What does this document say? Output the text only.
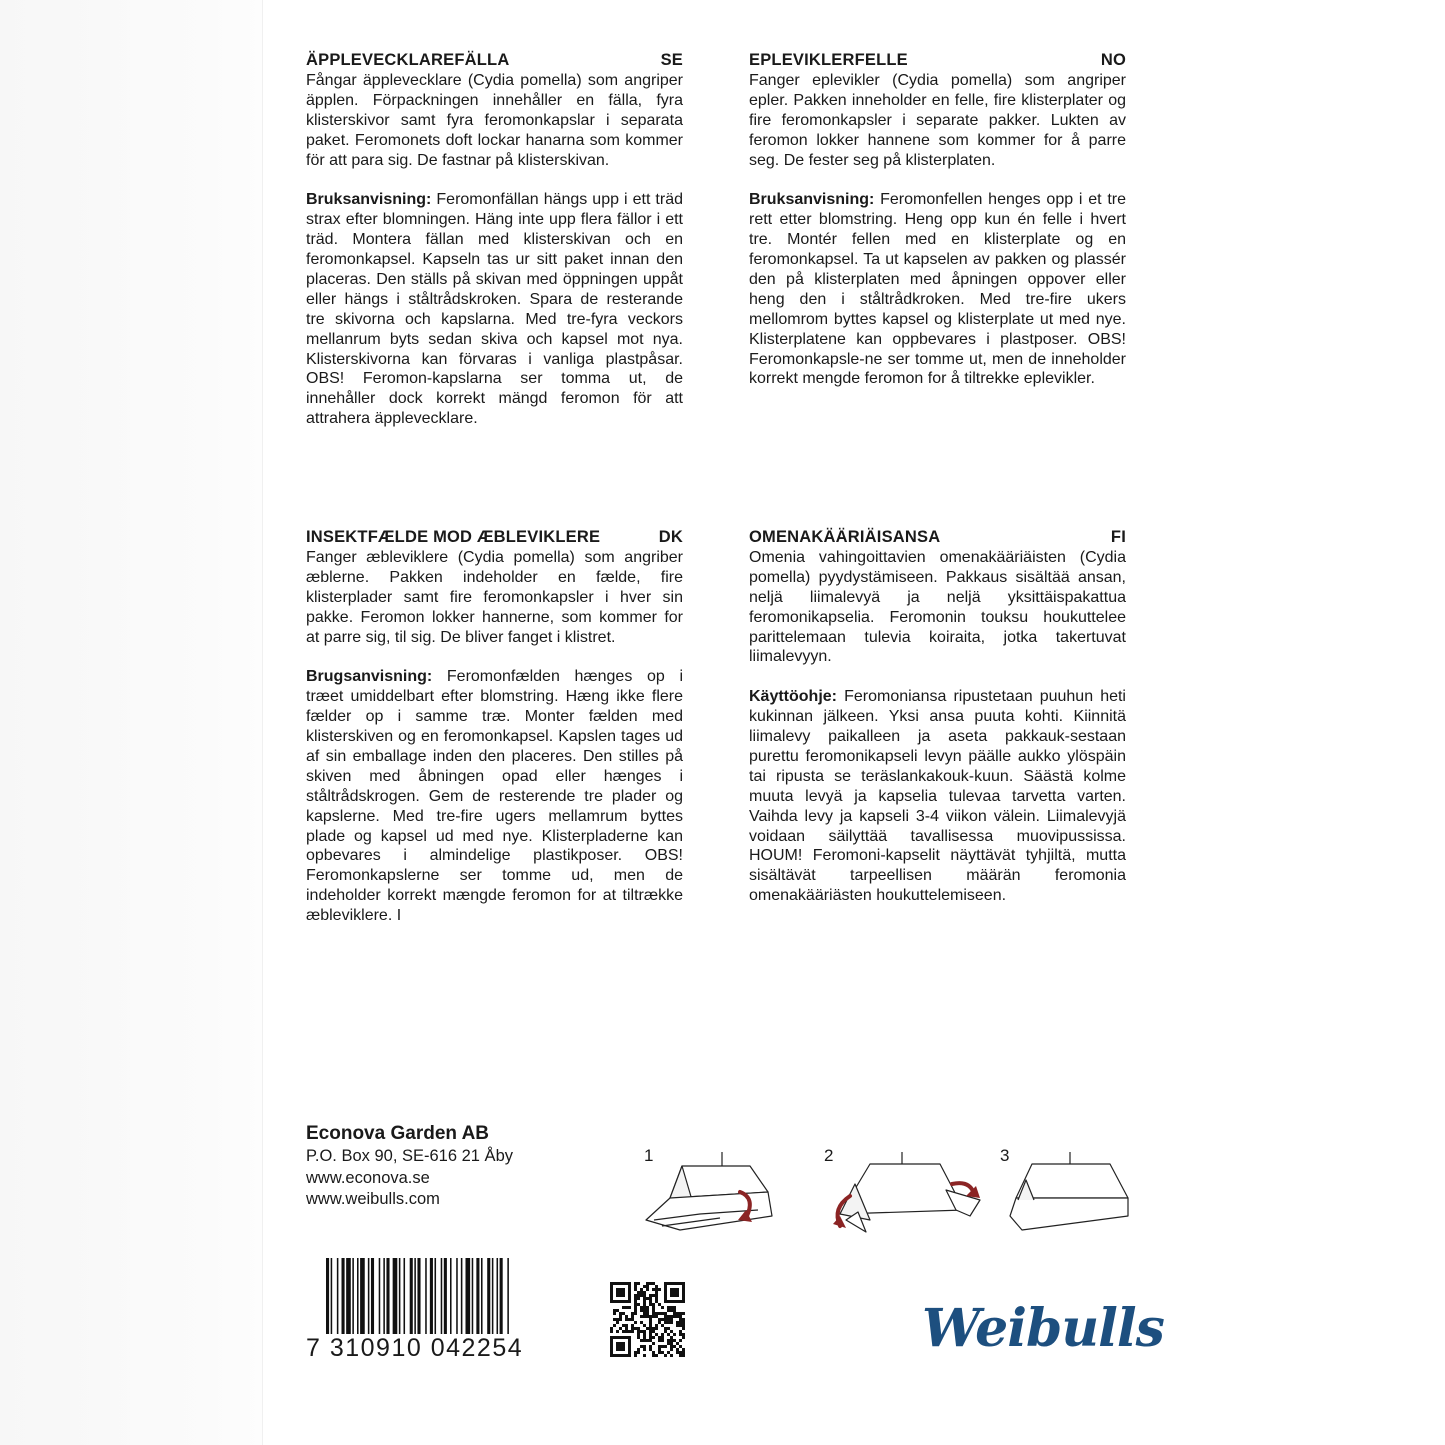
ÄPPLEVECKLAREFÄLLA	SE

Fångar äpplevecklare (Cydia pomella) som angriper äpplen. Förpackningen innehåller en fälla, fyra klisterskivor samt fyra feromonkapslar i separata paket. Feromonets doft lockar hanarna som kommer för att para sig. De fastnar på klisterskivan.

Bruksanvisning: Feromonfällan hängs upp i ett träd strax efter blomningen. Häng inte upp flera fällor i ett träd. Montera fällan med klisterskivan och en feromonkapsel. Kapseln tas ur sitt paket innan den placeras. Den ställs på skivan med öppningen uppåt eller hängs i ståltrådskroken. Spara de resterande tre skivorna och kapslarna. Med tre-fyra veckors mellanrum byts sedan skiva och kapsel mot nya. Klisterskivorna kan förvaras i vanliga plastpåsar. OBS! Feromon-kapslarna ser tomma ut, de innehåller dock korrekt mängd feromon för att attrahera äpplevecklare.

EPLEVIKLERFELLE	NO

Fanger eplevikler (Cydia pomella) som angriper epler. Pakken inneholder en felle, fire klisterplater og fire feromonkapsler i separate pakker. Lukten av feromon lokker hannene som kommer for å parre seg. De fester seg på klisterplaten.

Bruksanvisning: Feromonfellen henges opp i et tre rett etter blomstring. Heng opp kun én felle i hvert tre. Montér fellen med en klisterplate og en feromonkapsel. Ta ut kapselen av pakken og plassér den på klisterplaten med åpningen oppover eller heng den i ståltrådkroken. Med tre-fire ukers mellomrom byttes kapsel og klisterplate ut med nye. Klisterplatene kan oppbevares i plastposer. OBS! Feromonkapsle-ne ser tomme ut, men de inneholder korrekt mengde feromon for å tiltrekke eplevikler.

INSEKTFÆLDE MOD ÆBLEVIKLERE	DK

Fanger æbleviklere (Cydia pomella) som angriber æblerne. Pakken indeholder en fælde, fire klisterplader samt fire feromonkapsler i hver sin pakke. Feromon lokker hannerne, som kommer for at parre sig, til sig. De bliver fanget i klistret.

Brugsanvisning: Feromonfælden hænges op i træet umiddelbart efter blomstring. Hæng ikke flere fælder op i samme træ. Monter fælden med klisterskiven og en feromonkapsel. Kapslen tages ud af sin emballage inden den placeres. Den stilles på skiven med åbningen opad eller hænges i ståltrådskrogen. Gem de resterende tre plader og kapslerne. Med tre-fire ugers mellamrum byttes plade og kapsel ud med nye. Klisterpladerne kan opbevares i almindelige plastikposer. OBS! Feromonkapslerne ser tomme ud, men de indeholder korrekt mængde feromon for at tiltrække æbleviklere. I

OMENAKÄÄRIÄISANSA	FI

Omenia vahingoittavien omenakääriäisten (Cydia pomella) pyydystämiseen. Pakkaus sisältää ansan, neljä liimalevyä ja neljä yksittäispakattua feromonikapselia. Feromonin touksu houkuttelee parittelemaan tulevia koiraita, jotka takertuvat liimalevyyn.

Käyttöohje: Feromoniansa ripustetaan puuhun heti kukinnan jälkeen. Yksi ansa puuta kohti. Kiinnitä liimalevy paikalleen ja aseta pakkauk-sestaan purettu feromonikapseli levyn päälle aukko ylöspäin tai ripusta se teräslankakouk-kuun. Säästä kolme muuta levyä ja kapselia tulevaa tarvetta varten. Vaihda levy ja kapseli 3-4 viikon välein. Liimalevyjä voidaan säilyttää tavallisessa muovipussissa. HOUM! Feromoni-kapselit näyttävät tyhjiltä, mutta sisältävät tarpeellisen määrän feromonia omenakääriästen houkuttelemiseen.

Econova Garden AB
P.O. Box 90, SE-616 21 Åby
www.econova.se
www.weibulls.com
1	2	3
7 310910 042254	Weibulls
